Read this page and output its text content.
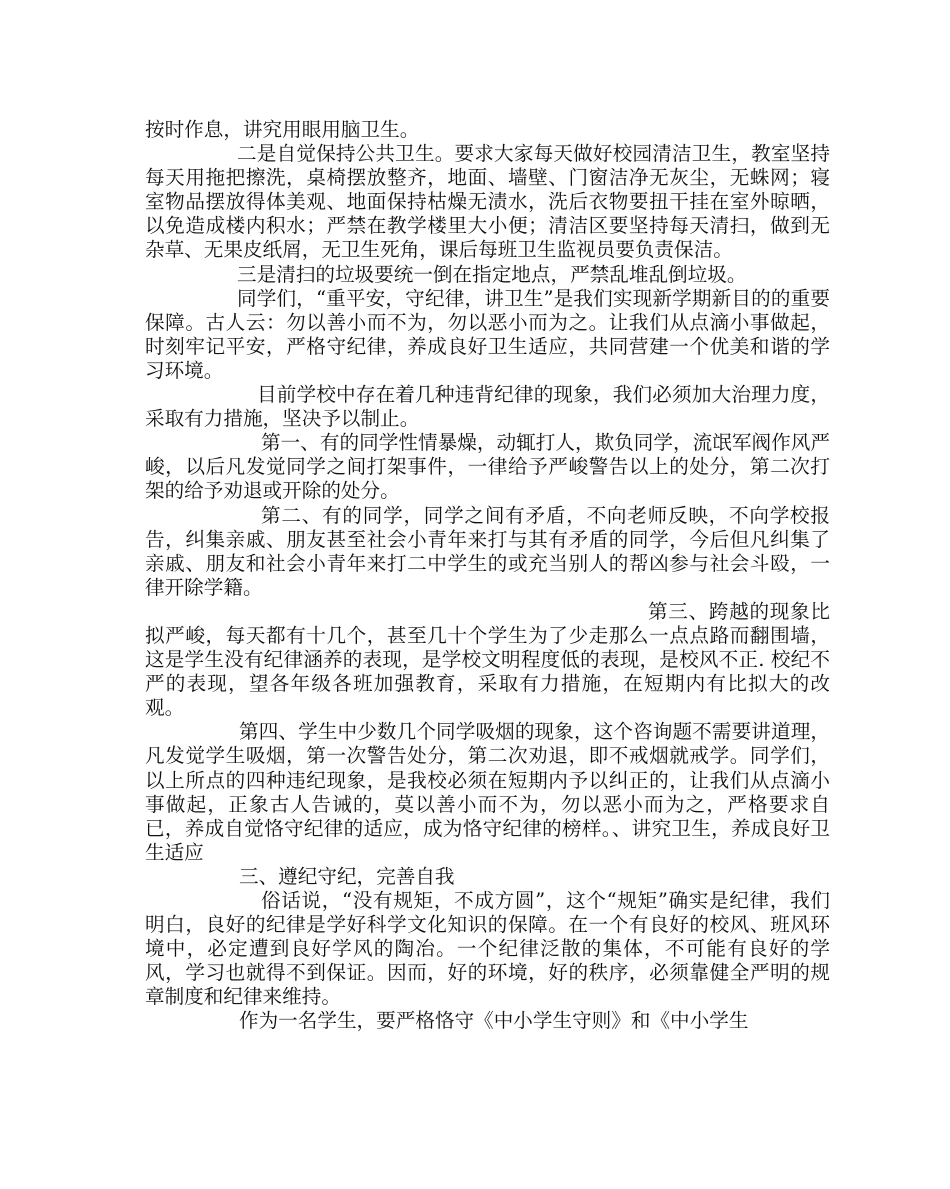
按时作息，讲究用眼用脑卫生。

二是自觉保持公共卫生。要求大家每天做好校园清洁卫生，教室坚持每天用拖把擦洗，桌椅摆放整齐，地面、墙壁、门窗洁净无灰尘，无蛛网；寝室物品摆放得体美观、地面保持枯燥无渍水，洗后衣物要扭干挂在室外晾晒，以免造成楼内积水；严禁在教学楼里大小便；清洁区要坚持每天清扫，做到无杂草、无果皮纸屑，无卫生死角，课后每班卫生监视员要负责保洁。

三是清扫的垃圾要统一倒在指定地点，严禁乱堆乱倒垃圾。

同学们，“重平安，守纪律，讲卫生”是我们实现新学期新目的的重要保障。古人云：勿以善小而不为，勿以恶小而为之。让我们从点滴小事做起，时刻牢记平安，严格守纪律，养成良好卫生适应，共同营建一个优美和谐的学习环境。

目前学校中存在着几种违背纪律的现象，我们必须加大治理力度，采取有力措施，坚决予以制止。

第一、有的同学性情暴燥，动辄打人，欺负同学，流氓军阀作风严峻，以后凡发觉同学之间打架事件，一律给予严峻警告以上的处分，第二次打架的给予劝退或开除的处分。

第二、有的同学，同学之间有矛盾，不向老师反映，不向学校报告，纠集亲戚、朋友甚至社会小青年来打与其有矛盾的同学，今后但凡纠集了亲戚、朋友和社会小青年来打二中学生的或充当别人的帮凶参与社会斗殴，一律开除学籍。

第三、跨越的现象比拟严峻，每天都有十几个，甚至几十个学生为了少走那么一点点路而翻围墙，这是学生没有纪律涵养的表现，是学校文明程度低的表现，是校风不正. 校纪不严的表现，望各年级各班加强教育，采取有力措施，在短期内有比拟大的改观。

第四、学生中少数几个同学吸烟的现象，这个咨询题不需要讲道理，凡发觉学生吸烟，第一次警告处分，第二次劝退，即不戒烟就戒学。同学们，以上所点的四种违纪现象，是我校必须在短期内予以纠正的，让我们从点滴小事做起，正象古人告诫的，莫以善小而不为，勿以恶小而为之，严格要求自已，养成自觉恪守纪律的适应，成为恪守纪律的榜样。、讲究卫生，养成良好卫生适应

三、遵纪守纪，完善自我

俗话说，“没有规矩，不成方圆”，这个“规矩”确实是纪律，我们明白，良好的纪律是学好科学文化知识的保障。在一个有良好的校风、班风环境中，必定遭到良好学风的陶冶。一个纪律泛散的集体，不可能有良好的学风，学习也就得不到保证。因而，好的环境，好的秩序，必须靠健全严明的规章制度和纪律来维持。

作为一名学生，要严格恪守《中小学生守则》和《中小学生
